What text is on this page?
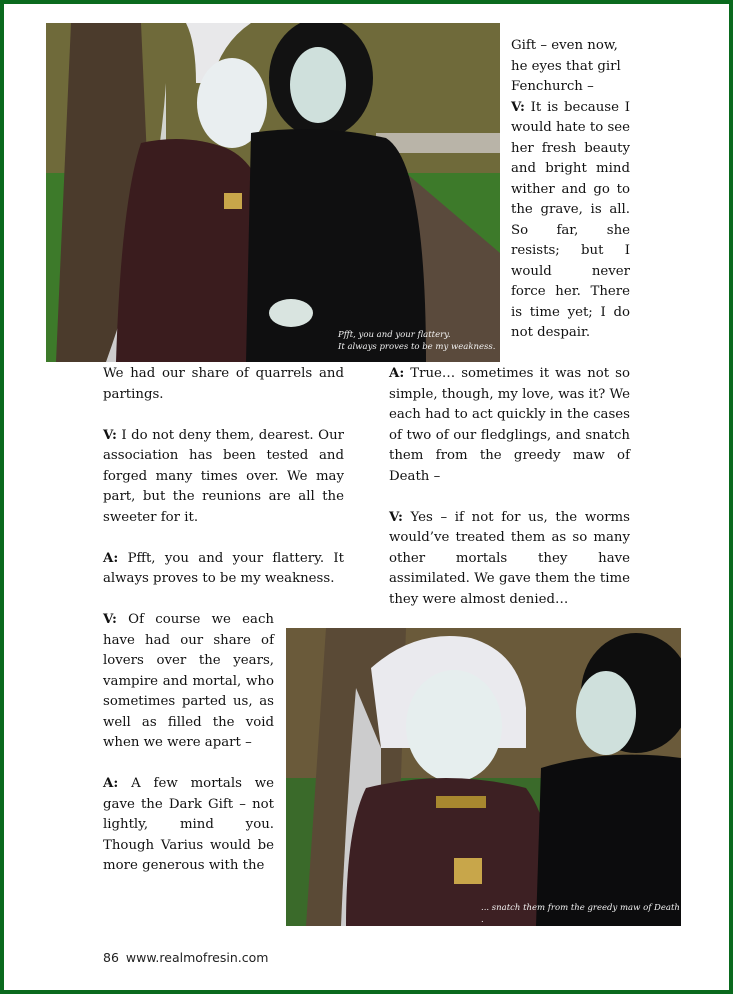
Pfft, you and your flattery.
It always proves to be my weakness.

Gift – even now, he eyes that girl Fenchurch –

V: It is because I would hate to see her fresh beauty and bright mind wither and go to the grave, is all. So far, she resists; but I would never force her. There is time yet; I do not despair.

We had our share of quarrels and partings.

V: I do not deny them, dearest. Our association has been tested and forged many times over. We may part, but the reunions are all the sweeter for it.

A: Pfft, you and your flattery. It always proves to be my weakness.

A: True… sometimes it was not so simple, though, my love, was it? We each had to act quickly in the cases of two of our fledglings, and snatch them from the greedy maw of Death –

V: Yes – if not for us, the worms would’ve treated them as so many other mortals they have assimilated. We gave them the time they were almost denied…

V: Of course we each have had our share of lovers over the years, vampire and mortal, who sometimes parted us, as well as filled the void when we were apart –

A: A few mortals we gave the Dark Gift – not lightly, mind you. Though Varius would be more generous with the

... snatch them from the greedy maw of Death .
86 www.realmofresin.com
